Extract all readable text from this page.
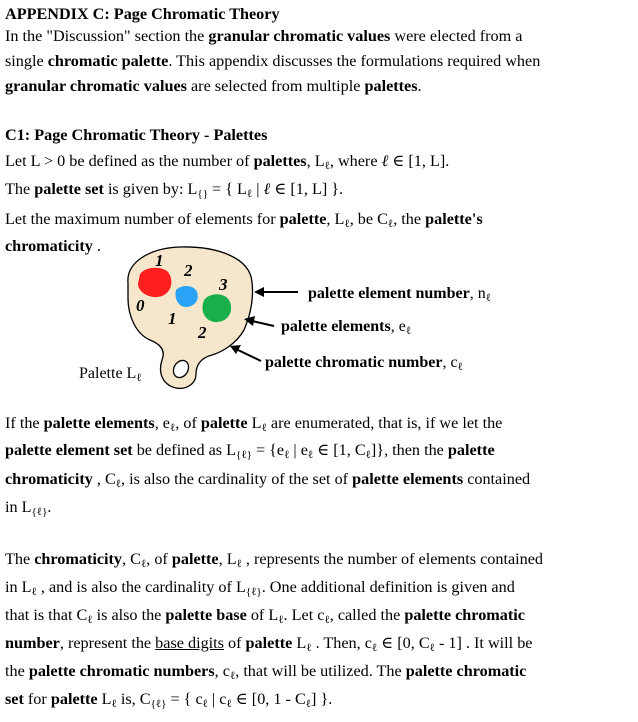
APPENDIX C: Page Chromatic Theory
In the "Discussion" section the granular chromatic values were elected from a
single chromatic palette. This appendix discusses the formulations required when
granular chromatic values are selected from multiple palettes.
C1: Page Chromatic Theory - Palettes
Let L > 0 be defined as the number of palettes, $L_\ell$, where ℓ ∈ [1, L].
The palette set is given by: $L_{\{\}}$ = { $L_\ell$ | ℓ ∈ [1, L] }.
Let the maximum number of elements for palette, $L_\ell$, be $C_\ell$, the palette's
chromaticity .
1
2
3
0
1
2
palette element number, nℓ
palette elements, eℓ
palette chromatic number, cℓ
Palette Lℓ
If the palette elements, $e_\ell$, of palette $L_\ell$ are enumerated, that is, if we let the
palette element set be defined as $L_{\{\ell\}} = \{e_\ell$ | $e_\ell$ ∈ [1, $C_\ell$]}, then the palette
chromaticity , $C_\ell$, is also the cardinality of the set of palette elements contained
in $L_{\{\ell\}}$.
The chromaticity, $C_\ell$, of palette, $L_\ell$ , represents the number of elements contained
in $L_\ell$ , and is also the cardinality of $L_{\{\ell\}}$. One additional definition is given and
that is that $C_\ell$ is also the palette base of $L_\ell$. Let $c_\ell$, called the palette chromatic
number, represent the base digits of palette $L_\ell$ . Then, $c_\ell$ ∈ [0, $C_\ell - 1$] . It will be
the palette chromatic numbers, $c_\ell$, that will be utilized. The palette chromatic
set for palette $L_\ell$ is, $C_{\{\ell\}}$ = { $c_\ell$ | $c_\ell$ ∈ [0, $1 - C_\ell$] }.
